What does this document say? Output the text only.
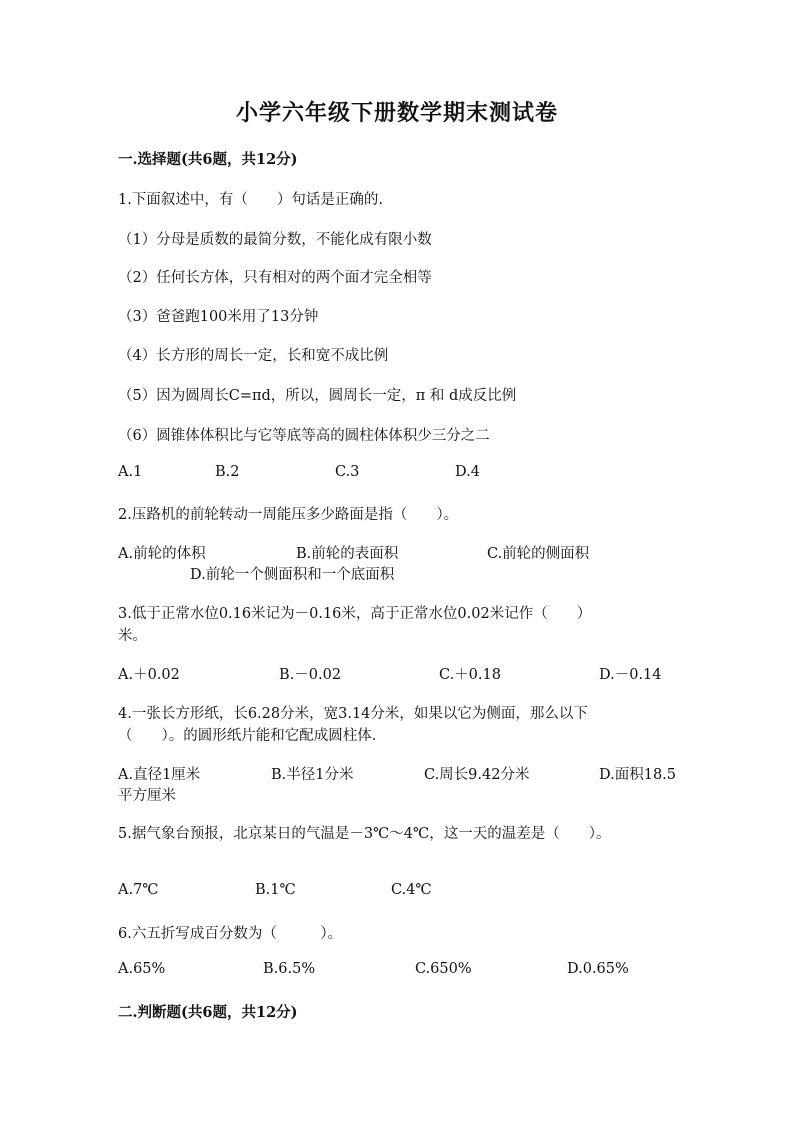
小学六年级下册数学期末测试卷
一.选择题(共6题，共12分)
1.下面叙述中，有（　　）句话是正确的.
（1）分母是质数的最简分数，不能化成有限小数
（2）任何长方体，只有相对的两个面才完全相等
（3）爸爸跑100米用了13分钟
（4）长方形的周长一定，长和宽不成比例
（5）因为圆周长C=πd，所以，圆周长一定，π 和 d成反比例
（6）圆锥体体积比与它等底等高的圆柱体体积少三分之二
A.1	B.2	C.3	D.4
2.压路机的前轮转动一周能压多少路面是指（　　）。
A.前轮的体积	B.前轮的表面积	C.前轮的侧面积
D.前轮一个侧面积和一个底面积
3.低于正常水位0.16米记为－0.16米，高于正常水位0.02米记作（　　）
米。
A.＋0.02	B.－0.02	C.＋0.18	D.－0.14
4.一张长方形纸，长6.28分米，宽3.14分米，如果以它为侧面，那么以下
（　　）。的圆形纸片能和它配成圆柱体.
A.直径1厘米	B.半径1分米	C.周长9.42分米	D.面积18.5
平方厘米
5.据气象台预报，北京某日的气温是－3℃～4℃，这一天的温差是（　　）。
A.7℃	B.1℃	C.4℃
6.六五折写成百分数为（　　　）。
A.65%	B.6.5%	C.650%	D.0.65%
二.判断题(共6题，共12分)
